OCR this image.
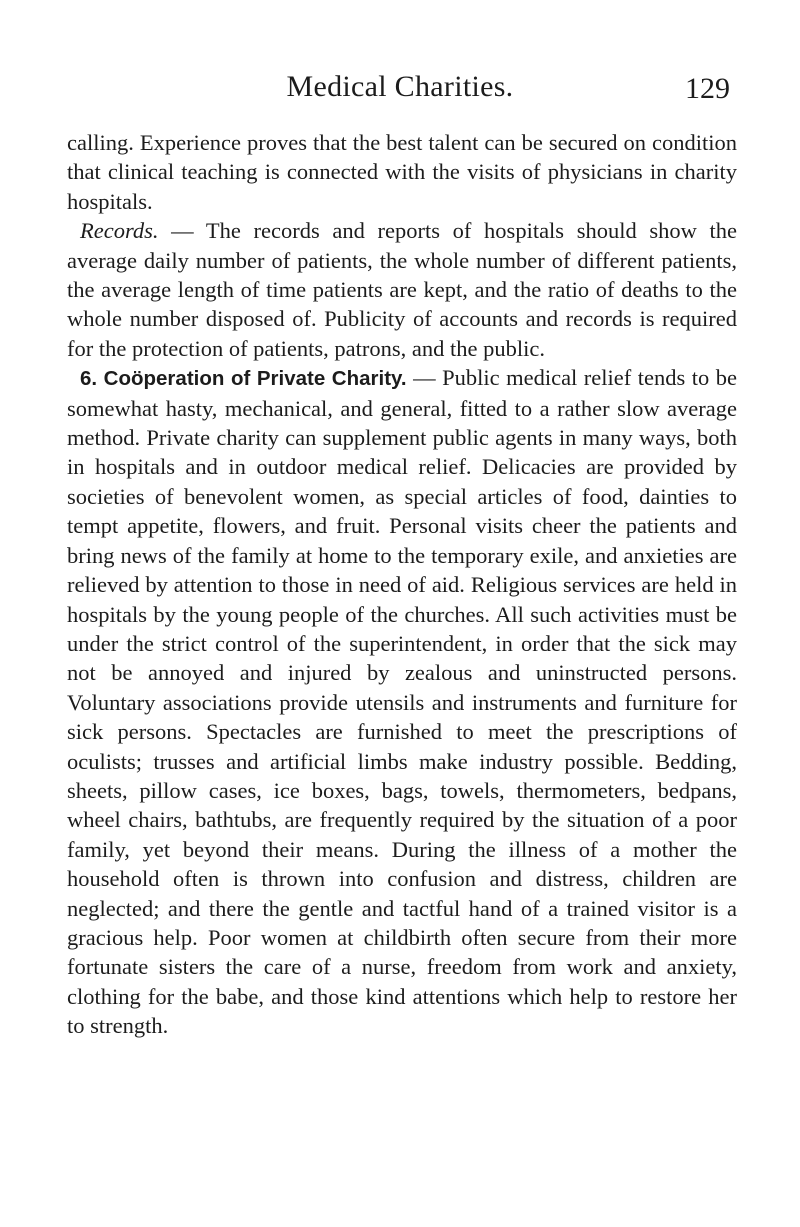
Medical Charities.	129

calling. Experience proves that the best talent can be secured on condition that clinical teaching is connected with the visits of physicians in charity hospitals.

Records. — The records and reports of hospitals should show the average daily number of patients, the whole number of different patients, the average length of time patients are kept, and the ratio of deaths to the whole number disposed of. Publicity of accounts and records is required for the protection of patients, patrons, and the public.

6. Coöperation of Private Charity. — Public medical relief tends to be somewhat hasty, mechanical, and general, fitted to a rather slow average method. Private charity can supplement public agents in many ways, both in hospitals and in outdoor medical relief. Delicacies are provided by societies of benevolent women, as special articles of food, dainties to tempt appetite, flowers, and fruit. Personal visits cheer the patients and bring news of the family at home to the temporary exile, and anxieties are relieved by attention to those in need of aid. Religious services are held in hospitals by the young people of the churches. All such activities must be under the strict control of the superintendent, in order that the sick may not be annoyed and injured by zealous and uninstructed persons. Voluntary associations provide utensils and instruments and furniture for sick persons. Spectacles are furnished to meet the prescriptions of oculists; trusses and artificial limbs make industry possible. Bedding, sheets, pillow cases, ice boxes, bags, towels, thermometers, bedpans, wheel chairs, bathtubs, are frequently required by the situation of a poor family, yet beyond their means. During the illness of a mother the household often is thrown into confusion and distress, children are neglected; and there the gentle and tactful hand of a trained visitor is a gracious help. Poor women at childbirth often secure from their more fortunate sisters the care of a nurse, freedom from work and anxiety, clothing for the babe, and those kind attentions which help to restore her to strength.
